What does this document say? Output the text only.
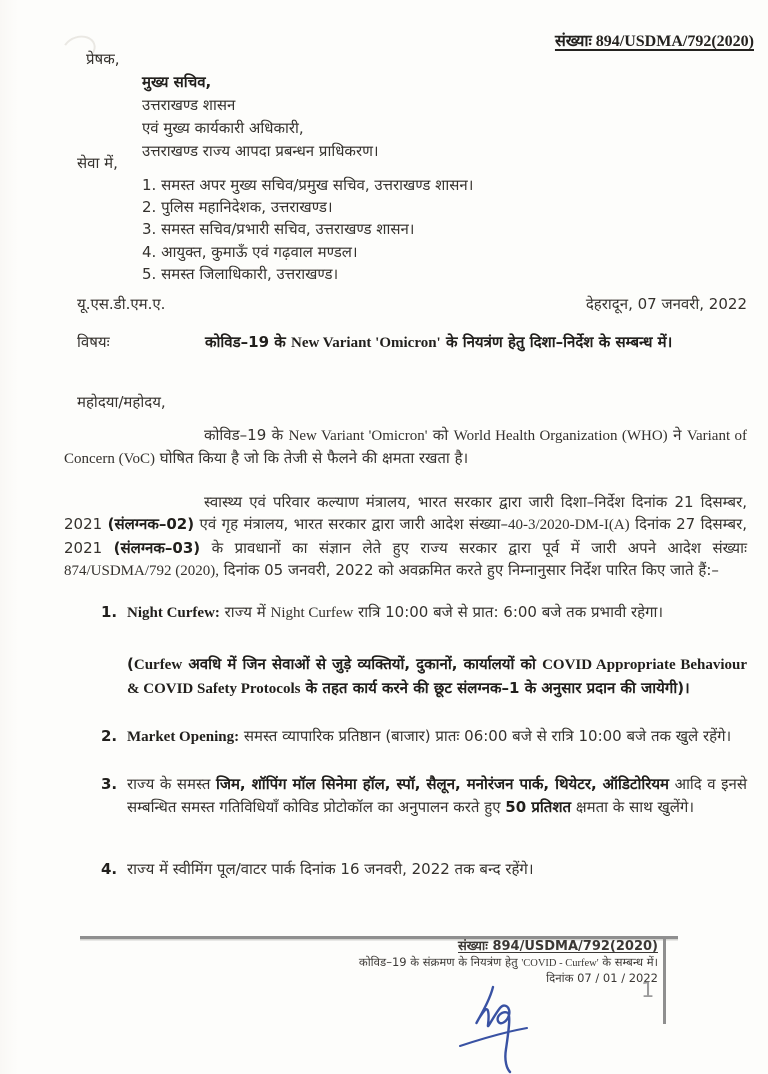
संख्याः 894/USDMA/792(2020)
प्रेषक,
मुख्य सचिव,
उत्तराखण्ड शासन
एवं मुख्य कार्यकारी अधिकारी,
उत्तराखण्ड राज्य आपदा प्रबन्धन प्राधिकरण।
सेवा में,
1. समस्त अपर मुख्य सचिव/प्रमुख सचिव, उत्तराखण्ड शासन।
2. पुलिस महानिदेशक, उत्तराखण्ड।
3. समस्त सचिव/प्रभारी सचिव, उत्तराखण्ड शासन।
4. आयुक्त, कुमाऊँ एवं गढ़वाल मण्डल।
5. समस्त जिलाधिकारी, उत्तराखण्ड।
यू.एस.डी.एम.ए.	देहरादून, 07 जनवरी, 2022
विषयः	कोविड–19 के New Variant 'Omicron' के नियत्रंण हेतु दिशा–निर्देश के सम्बन्ध में।
महोदया/महोदय,
कोविड–19 के New Variant 'Omicron' को World Health Organization (WHO) ने Variant of Concern (VoC) घोषित किया है जो कि तेजी से फैलने की क्षमता रखता है।
स्वास्थ्य एवं परिवार कल्याण मंत्रालय, भारत सरकार द्वारा जारी दिशा–निर्देश दिनांक 21 दिसम्बर, 2021 (संलग्नक–02) एवं गृह मंत्रालय, भारत सरकार द्वारा जारी आदेश संख्या–40-3/2020-DM-I(A) दिनांक 27 दिसम्बर, 2021 (संलग्नक–03) के प्रावधानों का संज्ञान लेते हुए राज्य सरकार द्वारा पूर्व में जारी अपने आदेश संख्याः 874/USDMA/792 (2020), दिनांक 05 जनवरी, 2022 को अवक्रमित करते हुए निम्नानुसार निर्देश पारित किए जाते हैं:–
1. Night Curfew: राज्य में Night Curfew रात्रि 10:00 बजे से प्रात: 6:00 बजे तक प्रभावी रहेगा।
(Curfew अवधि में जिन सेवाओं से जुड़े व्यक्तियों, दुकानों, कार्यालयों को COVID Appropriate Behaviour & COVID Safety Protocols के तहत कार्य करने की छूट संलग्नक–1 के अनुसार प्रदान की जायेगी)।
2. Market Opening: समस्त व्यापारिक प्रतिष्ठान (बाजार) प्रातः 06:00 बजे से रात्रि 10:00 बजे तक खुले रहेंगे।
3. राज्य के समस्त जिम, शॉपिंग मॉल सिनेमा हॉल, स्पॉ, सैलून, मनोरंजन पार्क, थियेटर, ऑडिटोरियम आदि व इनसे सम्बन्धित समस्त गतिविधियाँ कोविड प्रोटोकॉल का अनुपालन करते हुए 50 प्रतिशत क्षमता के साथ खुलेंगे।
4. राज्य में स्वीमिंग पूल/वाटर पार्क दिनांक 16 जनवरी, 2022 तक बन्द रहेंगे।
संख्याः 894/USDMA/792(2020)
कोविड–19 के संक्रमण के नियत्रंण हेतु 'COVID - Curfew' के सम्बन्ध में।
दिनांक 07 / 01 / 2022
1
